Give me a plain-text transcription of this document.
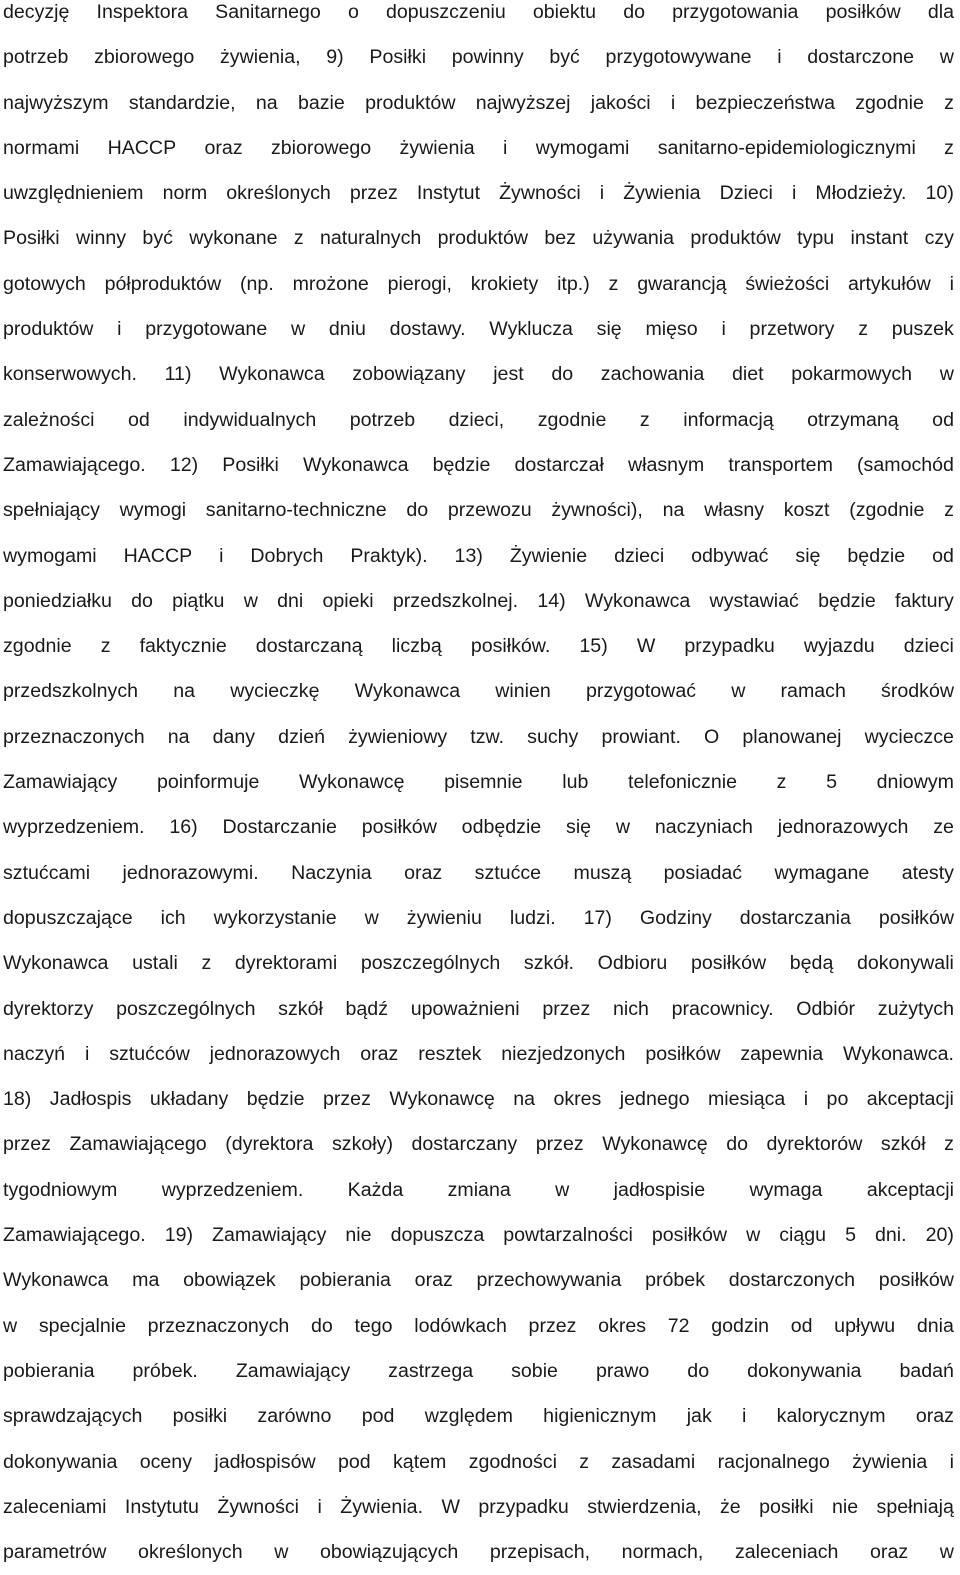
decyzję Inspektora Sanitarnego o dopuszczeniu obiektu do przygotowania posiłków dla
potrzeb zbiorowego żywienia, 9) Posiłki powinny być przygotowywane i dostarczone w
najwyższym standardzie, na bazie produktów najwyższej jakości i bezpieczeństwa zgodnie z
normami HACCP oraz zbiorowego żywienia i wymogami sanitarno-epidemiologicznymi z
uwzględnieniem norm określonych przez Instytut Żywności i Żywienia Dzieci i Młodzieży. 10)
Posiłki winny być wykonane z naturalnych produktów bez używania produktów typu instant czy
gotowych półproduktów (np. mrożone pierogi, krokiety itp.) z gwarancją świeżości artykułów i
produktów i przygotowane w dniu dostawy. Wyklucza się mięso i przetwory z puszek
konserwowych. 11) Wykonawca zobowiązany jest do zachowania diet pokarmowych w
zależności od indywidualnych potrzeb dzieci, zgodnie z informacją otrzymaną od
Zamawiającego. 12) Posiłki Wykonawca będzie dostarczał własnym transportem (samochód
spełniający wymogi sanitarno-techniczne do przewozu żywności), na własny koszt (zgodnie z
wymogami HACCP i Dobrych Praktyk). 13) Żywienie dzieci odbywać się będzie od
poniedziałku do piątku w dni opieki przedszkolnej. 14) Wykonawca wystawiać będzie faktury
zgodnie z faktycznie dostarczaną liczbą posiłków. 15) W przypadku wyjazdu dzieci
przedszkolnych na wycieczkę Wykonawca winien przygotować w ramach środków
przeznaczonych na dany dzień żywieniowy tzw. suchy prowiant. O planowanej wycieczce
Zamawiający poinformuje Wykonawcę pisemnie lub telefonicznie z 5 dniowym
wyprzedzeniem. 16) Dostarczanie posiłków odbędzie się w naczyniach jednorazowych ze
sztućcami jednorazowymi. Naczynia oraz sztućce muszą posiadać wymagane atesty
dopuszczające ich wykorzystanie w żywieniu ludzi. 17) Godziny dostarczania posiłków
Wykonawca ustali z dyrektorami poszczególnych szkół. Odbioru posiłków będą dokonywali
dyrektorzy poszczególnych szkół bądź upoważnieni przez nich pracownicy. Odbiór zużytych
naczyń i sztućców jednorazowych oraz resztek niezjedzonych posiłków zapewnia Wykonawca.
18) Jadłospis układany będzie przez Wykonawcę na okres jednego miesiąca i po akceptacji
przez Zamawiającego (dyrektora szkoły) dostarczany przez Wykonawcę do dyrektorów szkół z
tygodniowym wyprzedzeniem. Każda zmiana w jadłospisie wymaga akceptacji
Zamawiającego. 19) Zamawiający nie dopuszcza powtarzalności posiłków w ciągu 5 dni. 20)
Wykonawca ma obowiązek pobierania oraz przechowywania próbek dostarczonych posiłków
w specjalnie przeznaczonych do tego lodówkach przez okres 72 godzin od upływu dnia
pobierania próbek. Zamawiający zastrzega sobie prawo do dokonywania badań
sprawdzających posiłki zarówno pod względem higienicznym jak i kalorycznym oraz
dokonywania oceny jadłospisów pod kątem zgodności z zasadami racjonalnego żywienia i
zaleceniami Instytutu Żywności i Żywienia. W przypadku stwierdzenia, że posiłki nie spełniają
parametrów określonych w obowiązujących przepisach, normach, zaleceniach oraz w
